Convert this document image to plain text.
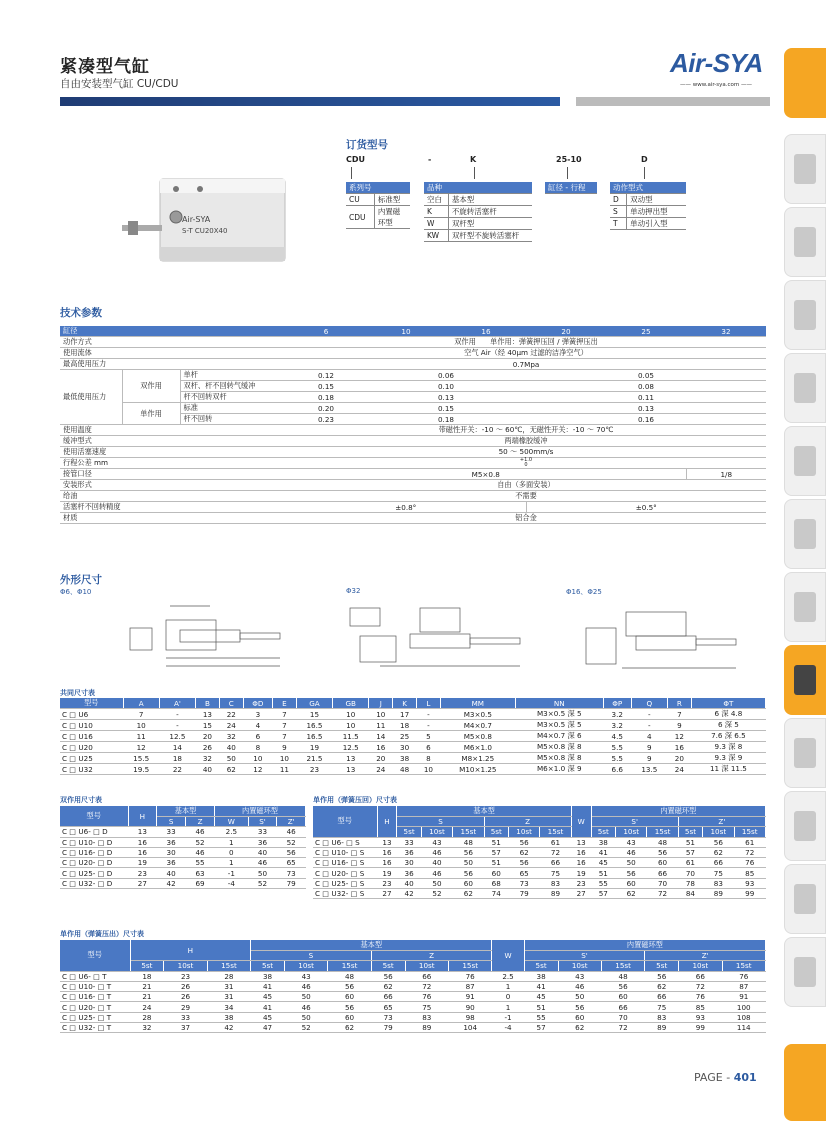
紧凑型气缸
自由安装型气缸 CU/CDU
Air-SYA
—— www.air-sya.com ——
Air-SYA
S-T CU20X40
订货型号
CDU	-	K	25-10	D
系列号	
CU	标准型
CDU	内置磁
	环型
品种	
空白	基本型
K	不旋转活塞杆
W	双杆型
KW	双杆型不旋转活塞杆
缸径 - 行程	动作型式	
D	双动型
S	单动押出型
T	单动引入型
技术参数
缸径			6	10	16	20	25	32
动作方式			双作用　　单作用：弹簧押压回 / 弹簧押压出					
使用流体			空气 Air（经 40μm 过滤的洁净空气）					
最高使用压力			0.7Mpa					
最低使用压力	双作用	单杆	0.12	0.06		0.05		
		双杆、杆不回转气缓冲	0.15	0.10		0.08		
		杆不回转双杆	0.18	0.13		0.11		
	单作用	标准	0.20	0.15		0.13		
		杆不回转	0.23	0.18		0.16		
使用温度			带磁性开关：-10 ～ 60℃，无磁性开关：-10 ～ 70℃					
缓冲型式			两端橡胶缓冲					
使用活塞速度			50 ～ 500mm/s					
行程公差 mm			+1.0
0					
接管口径			M5×0.8					1/8
安装形式			自由（多面安装）					
给油			不需要					
活塞杆不回转精度			±0.8°			±0.5°		
材质			铝合金					
外形尺寸
Φ6、Φ10	Φ32	Φ16、Φ25
共同尺寸表
型号	A	A'	B	C	ΦD	E	GA	GB	J	K	L	MM	NN	ΦP	Q	R	ΦT
C □ U6	7	-	13	22	3	7	15	10	10	17	-	M3×0.5	M3×0.5 深 5	3.2	-	7	6 深 4.8
C □ U10	10	-	15	24	4	7	16.5	10	11	18	-	M4×0.7	M3×0.5 深 5	3.2	-	9	6 深 5
C □ U16	11	12.5	20	32	6	7	16.5	11.5	14	25	5	M5×0.8	M4×0.7 深 6	4.5	4	12	7.6 深 6.5
C □ U20	12	14	26	40	8	9	19	12.5	16	30	6	M6×1.0	M5×0.8 深 8	5.5	9	16	9.3 深 8
C □ U25	15.5	18	32	50	10	10	21.5	13	20	38	8	M8×1.25	M5×0.8 深 8	5.5	9	20	9.3 深 9
C □ U32	19.5	22	40	62	12	11	23	13	24	48	10	M10×1.25	M6×1.0 深 9	6.6	13.5	24	11 深 11.5
双作用尺寸表
型号	H	基本型		内置磁环型		
		S	Z	W	S'	Z'
C □ U6- □ D	13	33	46	2.5	33	46
C □ U10- □ D	16	36	52	1	36	52
C □ U16- □ D	16	30	46	0	40	56
C □ U20- □ D	19	36	55	1	46	65
C □ U25- □ D	23	40	63	-1	50	73
C □ U32- □ D	27	42	69	-4	52	79
单作用（弹簧压回）尺寸表
型号	H	基本型						W	内置磁环型					
		S			Z				S'			Z'		
		5st	10st	15st	5st	10st	15st		5st	10st	15st	5st	10st	15st
C □ U6- □ S	13	33	43	48	51	56	61	13	38	43	48	51	56	61
C □ U10- □ S	16	36	46	56	57	62	72	16	41	46	56	57	62	72
C □ U16- □ S	16	30	40	50	51	56	66	16	45	50	60	61	66	76
C □ U20- □ S	19	36	46	56	60	65	75	19	51	56	66	70	75	85
C □ U25- □ S	23	40	50	60	68	73	83	23	55	60	70	78	83	93
C □ U32- □ S	27	42	52	62	74	79	89	27	57	62	72	84	89	99
单作用（弹簧压出）尺寸表
型号	H			基本型						W	内置磁环型					
				S			Z				S'			Z'		
	5st	10st	15st	5st	10st	15st	5st	10st	15st		5st	10st	15st	5st	10st	15st
C □ U6- □ T	18	23	28	38	43	48	56	66	76	2.5	38	43	48	56	66	76
C □ U10- □ T	21	26	31	41	46	56	62	72	87	1	41	46	56	62	72	87
C □ U16- □ T	21	26	31	45	50	60	66	76	91	0	45	50	60	66	76	91
C □ U20- □ T	24	29	34	41	46	56	65	75	90	1	51	56	66	75	85	100
C □ U25- □ T	28	33	38	45	50	60	73	83	98	-1	55	60	70	83	93	108
C □ U32- □ T	32	37	42	47	52	62	79	89	104	-4	57	62	72	89	99	114
PAGE - 401
